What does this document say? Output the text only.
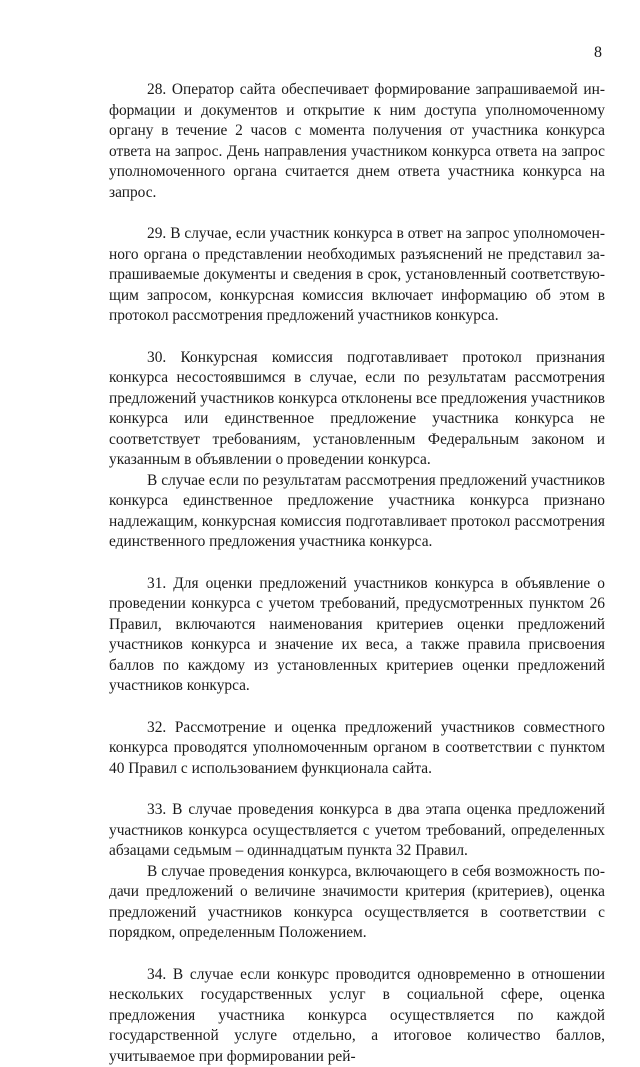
8

28. Оператор сайта обеспечивает формирование запрашиваемой информации и документов и открытие к ним доступа уполномоченному органу в течение 2 часов с момента получения от участника конкурса ответа на запрос. День направления участником конкурса ответа на запрос уполномоченного органа считается днем ответа участника конкурса на запрос.

29. В случае, если участник конкурса в ответ на запрос уполномоченного органа о представлении необходимых разъяснений не представил запрашиваемые документы и сведения в срок, установленный соответствующим запросом, конкурсная комиссия включает информацию об этом в протокол рассмотрения предложений участников конкурса.

30. Конкурсная комиссия подготавливает протокол признания конкурса несостоявшимся в случае, если по результатам рассмотрения предложений участников конкурса отклонены все предложения участников конкурса или единственное предложение участника конкурса не соответствует требованиям, установленным Федеральным законом и указанным в объявлении о проведении конкурса.

В случае если по результатам рассмотрения предложений участников конкурса единственное предложение участника конкурса признано надлежащим, конкурсная комиссия подготавливает протокол рассмотрения единственного предложения участника конкурса.

31. Для оценки предложений участников конкурса в объявление о проведении конкурса с учетом требований, предусмотренных пунктом 26 Правил, включаются наименования критериев оценки предложений участников конкурса и значение их веса, а также правила присвоения баллов по каждому из установленных критериев оценки предложений участников конкурса.

32. Рассмотрение и оценка предложений участников совместного конкурса проводятся уполномоченным органом в соответствии с пунктом 40 Правил с использованием функционала сайта.

33. В случае проведения конкурса в два этапа оценка предложений участников конкурса осуществляется с учетом требований, определенных абзацами седьмым – одиннадцатым пункта 32 Правил.

В случае проведения конкурса, включающего в себя возможность подачи предложений о величине значимости критерия (критериев), оценка предложений участников конкурса осуществляется в соответствии с порядком, определенным Положением.

34. В случае если конкурс проводится одновременно в отношении нескольких государственных услуг в социальной сфере, оценка предложения участника конкурса осуществляется по каждой государственной услуге отдельно, а итоговое количество баллов, учитываемое при формировании рей-
